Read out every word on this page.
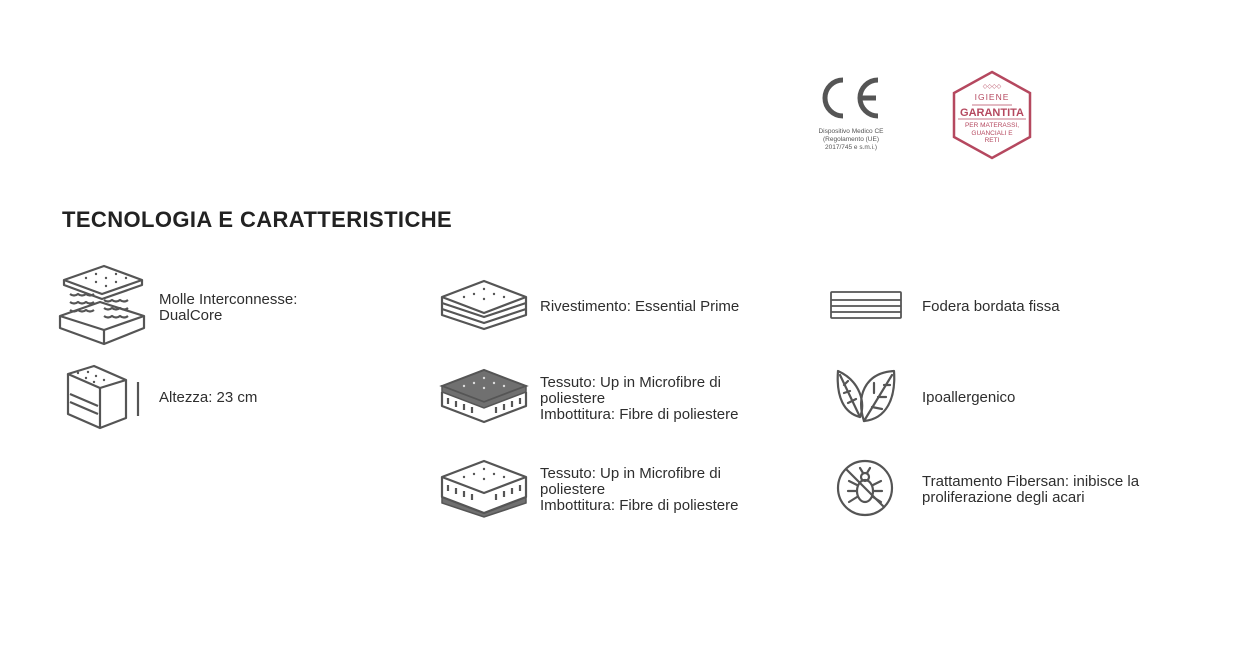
Dispositivo Medico CE
(Regolamento (UE)
2017/745 e s.m.i.)
◇◇◇◇
IGIENE
GARANTITA
PER MATERASSI,
GUANCIALI E
RETI
TECNOLOGIA E CARATTERISTICHE
Molle Interconnesse:
DualCore
Altezza: 23 cm
Rivestimento: Essential Prime
Tessuto: Up in Microfibre di
poliestere
Imbottitura: Fibre di poliestere
Tessuto: Up in Microfibre di
poliestere
Imbottitura: Fibre di poliestere
Fodera bordata fissa
Ipoallergenico
Trattamento Fibersan: inibisce la
proliferazione degli acari
